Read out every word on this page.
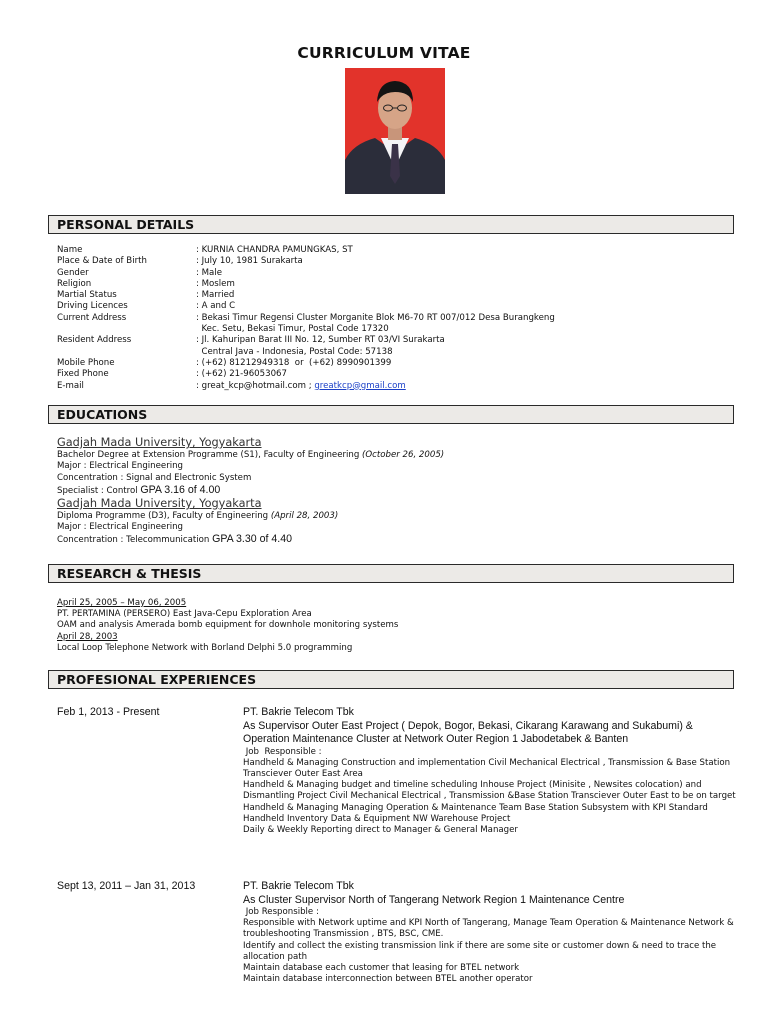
CURRICULUM VITAE
PERSONAL DETAILS
Name	: KURNIA CHANDRA PAMUNGKAS, ST
Place & Date of Birth	: July 10, 1981 Surakarta
Gender	: Male
Religion	: Moslem
Martial Status	: Married
Driving Licences	: A and C
Current Address	: Bekasi Timur Regensi Cluster Morganite Blok M6-70 RT 007/012 Desa Burangkeng
Kec. Setu, Bekasi Timur, Postal Code 17320
Resident Address	: Jl. Kahuripan Barat III No. 12, Sumber RT 03/VI Surakarta
Central Java - Indonesia, Postal Code: 57138
Mobile Phone	: (+62) 81212949318  or  (+62) 8990901399
Fixed Phone	: (+62) 21-96053067
E-mail	: great_kcp@hotmail.com ; greatkcp@gmail.com
EDUCATIONS
Gadjah Mada University, Yogyakarta
Bachelor Degree at Extension Programme (S1), Faculty of Engineering (October 26, 2005)
Major : Electrical Engineering
Concentration : Signal and Electronic System
Specialist : Control GPA 3.16 of 4.00
Gadjah Mada University, Yogyakarta
Diploma Programme (D3), Faculty of Engineering (April 28, 2003)
Major : Electrical Engineering
Concentration : Telecommunication GPA 3.30 of 4.40
RESEARCH & THESIS
April 25, 2005 – May 06, 2005
PT. PERTAMINA (PERSERO) East Java-Cepu Exploration Area
OAM and analysis Amerada bomb equipment for downhole monitoring systems
April 28, 2003
Local Loop Telephone Network with Borland Delphi 5.0 programming
PROFESIONAL EXPERIENCES
Feb 1, 2013 - Present	PT. Bakrie Telecom Tbk
As Supervisor Outer East Project ( Depok, Bogor, Bekasi, Cikarang Karawang and Sukabumi) & Operation Maintenance Cluster at Network Outer Region 1 Jabodetabek & Banten
Job  Responsible :
Handheld & Managing Construction and implementation Civil Mechanical Electrical , Transmission & Base Station Transciever Outer East Area
Handheld & Managing budget and timeline scheduling Inhouse Project (Minisite , Newsites colocation) and Dismantling Project Civil Mechanical Electrical , Transmission &Base Station Transciever Outer East to be on target
Handheld & Managing Managing Operation & Maintenance Team Base Station Subsystem with KPI Standard
Handheld Inventory Data & Equipment NW Warehouse Project
Daily & Weekly Reporting direct to Manager & General Manager
Sept 13, 2011 – Jan 31, 2013	PT. Bakrie Telecom Tbk
As Cluster Supervisor North of Tangerang Network Region 1 Maintenance Centre
Job Responsible :
Responsible with Network uptime and KPI North of Tangerang, Manage Team Operation & Maintenance Network & troubleshooting Transmission , BTS, BSC, CME.
Identify and collect the existing transmission link if there are some site or customer down & need to trace the allocation path
Maintain database each customer that leasing for BTEL network
Maintain database interconnection between BTEL another operator
